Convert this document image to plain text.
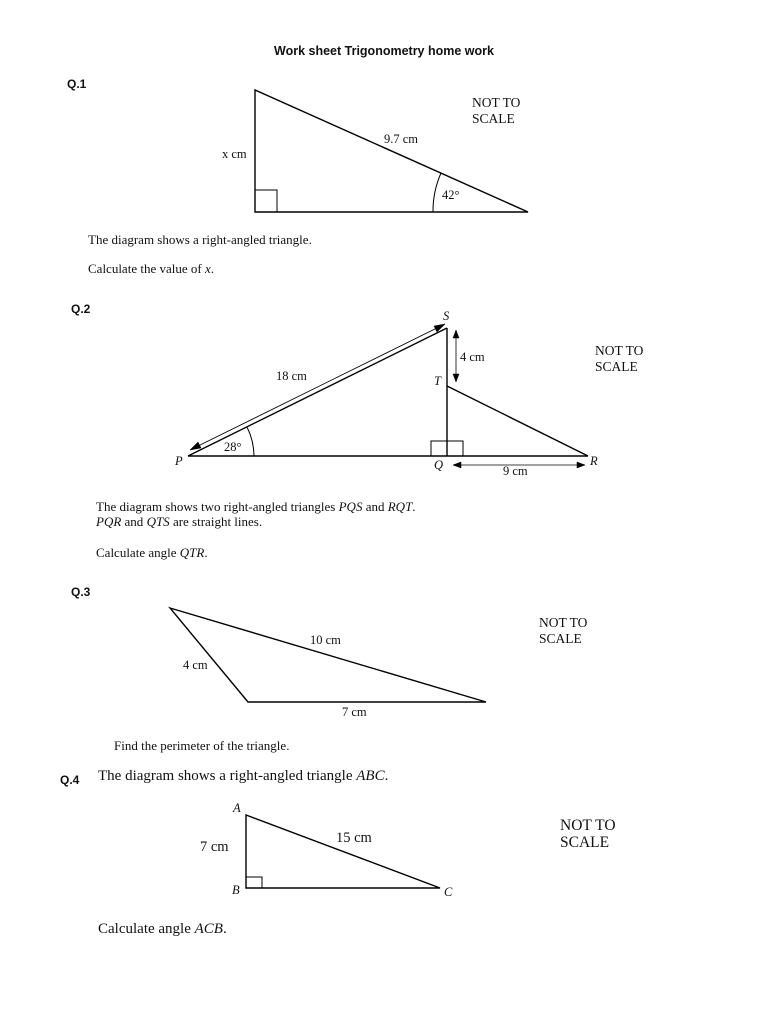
Work sheet Trigonometry home work
Q.1
9.7 cm
x cm
42°
NOT TO
SCALE
The diagram shows a right-angled triangle.
Calculate the value of x.
Q.2	S
T
P	Q	R
18 cm
4 cm
9 cm
28°
NOT TO
SCALE
The diagram shows two right-angled triangles PQS and RQT.
PQR and QTS are straight lines.
Calculate angle QTR.
Q.3
10 cm
4 cm
7 cm
NOT TO
SCALE
Find the perimeter of the triangle.
Q.4 The diagram shows a right-angled triangle ABC.
A
B	C
7 cm
15 cm
NOT TO
SCALE
Calculate angle ACB.
